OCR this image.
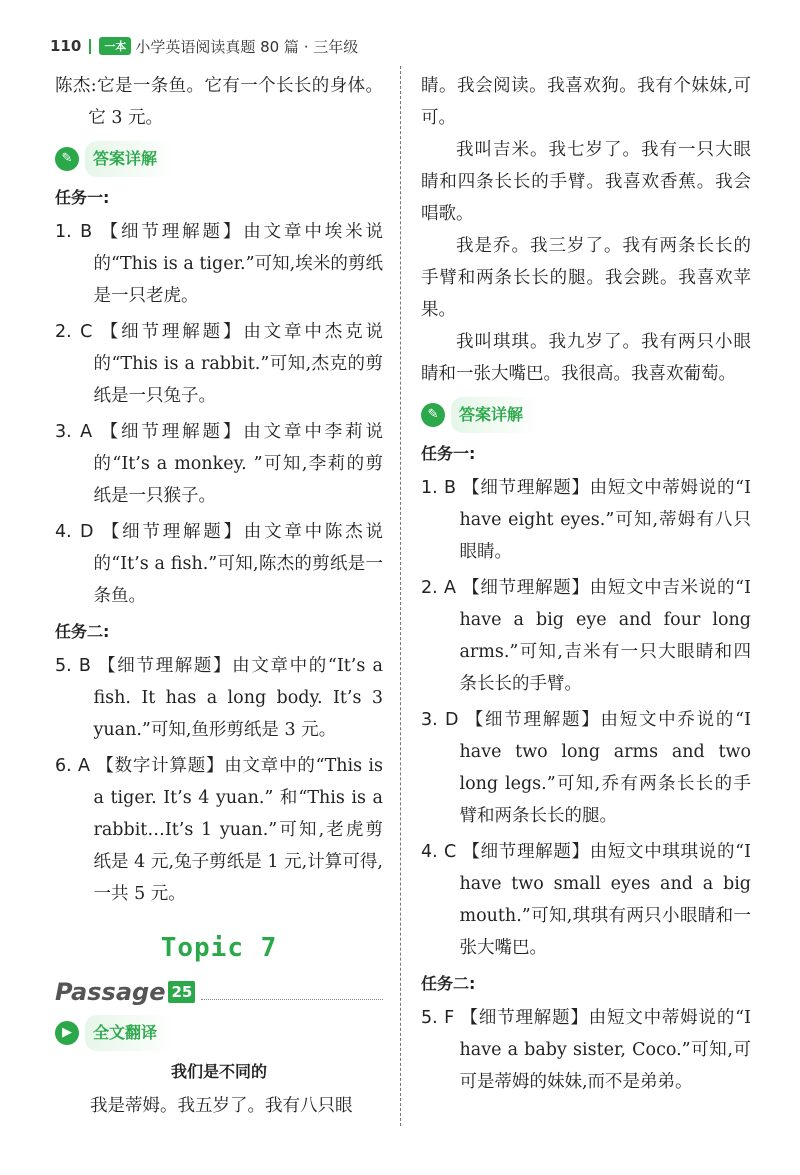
110	一本 小学英语阅读真题 80 篇 · 三年级

陈杰:它是一条鱼。它有一个长长的身体。它 3 元。

✎	答案详解
任务一:
1. B 【细节理解题】由文章中埃米说的“This is a tiger.”可知,埃米的剪纸是一只老虎。
2. C 【细节理解题】由文章中杰克说的“This is a rabbit.”可知,杰克的剪纸是一只兔子。
3. A 【细节理解题】由文章中李莉说的“It’s a monkey. ”可知,李莉的剪纸是一只猴子。
4. D 【细节理解题】由文章中陈杰说的“It’s a fish.”可知,陈杰的剪纸是一条鱼。
任务二:
5. B 【细节理解题】由文章中的“It’s a fish. It has a long body. It’s 3 yuan.”可知,鱼形剪纸是 3 元。
6. A 【数字计算题】由文章中的“This is a tiger. It’s 4 yuan.” 和“This is a rabbit…It’s 1 yuan.”可知,老虎剪纸是 4 元,兔子剪纸是 1 元,计算可得,一共 5 元。
Topic 7
Passage 25
▶	全文翻译
我们是不同的

我是蒂姆。我五岁了。我有八只眼

睛。我会阅读。我喜欢狗。我有个妹妹,可可。

我叫吉米。我七岁了。我有一只大眼睛和四条长长的手臂。我喜欢香蕉。我会唱歌。

我是乔。我三岁了。我有两条长长的手臂和两条长长的腿。我会跳。我喜欢苹果。

我叫琪琪。我九岁了。我有两只小眼睛和一张大嘴巴。我很高。我喜欢葡萄。

✎	答案详解
任务一:
1. B 【细节理解题】由短文中蒂姆说的“I have eight eyes.”可知,蒂姆有八只眼睛。
2. A 【细节理解题】由短文中吉米说的“I have a big eye and four long arms.”可知,吉米有一只大眼睛和四条长长的手臂。
3. D 【细节理解题】由短文中乔说的“I have two long arms and two long legs.”可知,乔有两条长长的手臂和两条长长的腿。
4. C 【细节理解题】由短文中琪琪说的“I have two small eyes and a big mouth.”可知,琪琪有两只小眼睛和一张大嘴巴。
任务二:
5. F 【细节理解题】由短文中蒂姆说的“I have a baby sister, Coco.”可知,可可是蒂姆的妹妹,而不是弟弟。
